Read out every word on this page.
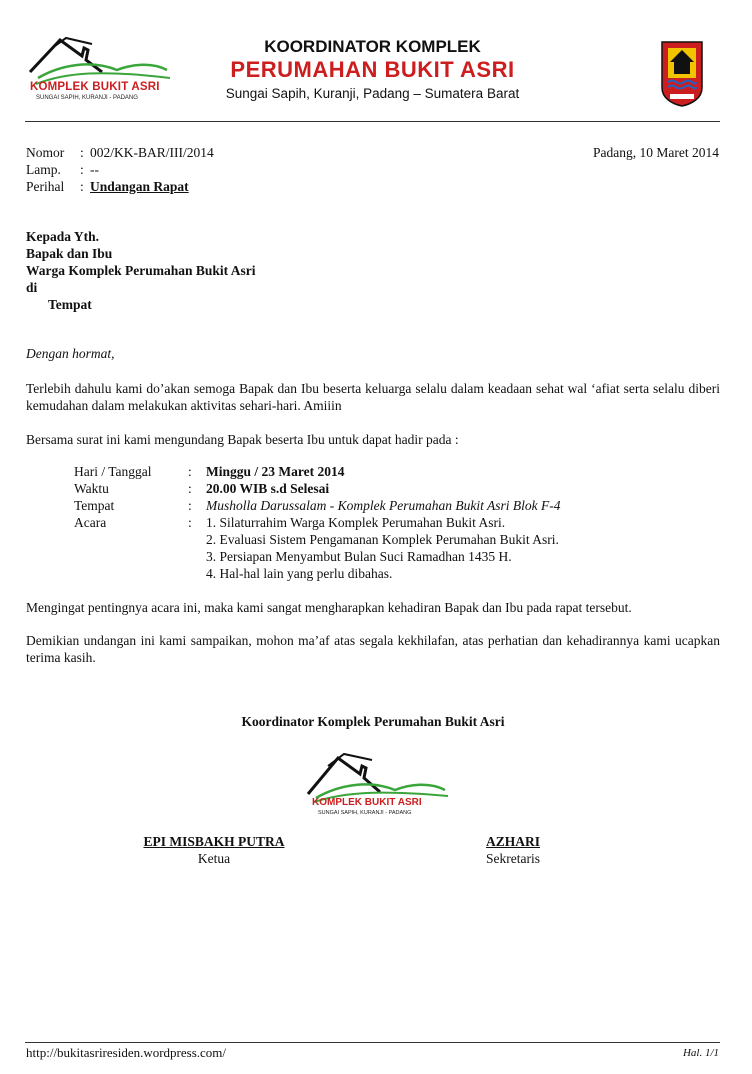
KOMPLEK BUKIT ASRI
SUNGAI SAPIH, KURANJI - PADANG
KOORDINATOR KOMPLEK
PERUMAHAN BUKIT ASRI
Sungai Sapih, Kuranji, Padang – Sumatera Barat
Nomor	: 002/KK-BAR/III/2014
Lamp.	: --
Perihal	: Undangan Rapat
Padang, 10 Maret 2014
Kepada Yth.
Bapak dan Ibu
Warga Komplek Perumahan Bukit Asri
di
Tempat
Dengan hormat,
Terlebih dahulu kami do’akan semoga Bapak dan Ibu beserta keluarga selalu dalam keadaan sehat wal ‘afiat serta selalu diberi kemudahan dalam melakukan aktivitas sehari-hari. Amiiin
Bersama surat ini kami mengundang Bapak beserta Ibu untuk dapat hadir pada :
Hari / Tanggal	: Minggu / 23 Maret 2014
Waktu	: 20.00 WIB s.d Selesai
Tempat	: Musholla Darussalam - Komplek Perumahan Bukit Asri Blok F-4
Acara	: 1. Silaturrahim Warga Komplek Perumahan Bukit Asri.
2. Evaluasi Sistem Pengamanan Komplek Perumahan Bukit Asri.
3. Persiapan Menyambut Bulan Suci Ramadhan 1435 H.
4. Hal-hal lain yang perlu dibahas.
Mengingat pentingnya acara ini, maka kami sangat mengharapkan kehadiran Bapak dan Ibu pada rapat tersebut.
Demikian undangan ini kami sampaikan, mohon ma’af atas segala kekhilafan, atas perhatian dan kehadirannya kami ucapkan terima kasih.
Koordinator Komplek Perumahan Bukit Asri
KOMPLEK BUKIT ASRI
SUNGAI SAPIH, KURANJI - PADANG
EPI MISBAKH PUTRA
Ketua
AZHARI
Sekretaris
http://bukitasriresiden.wordpress.com/	Hal. 1/1
